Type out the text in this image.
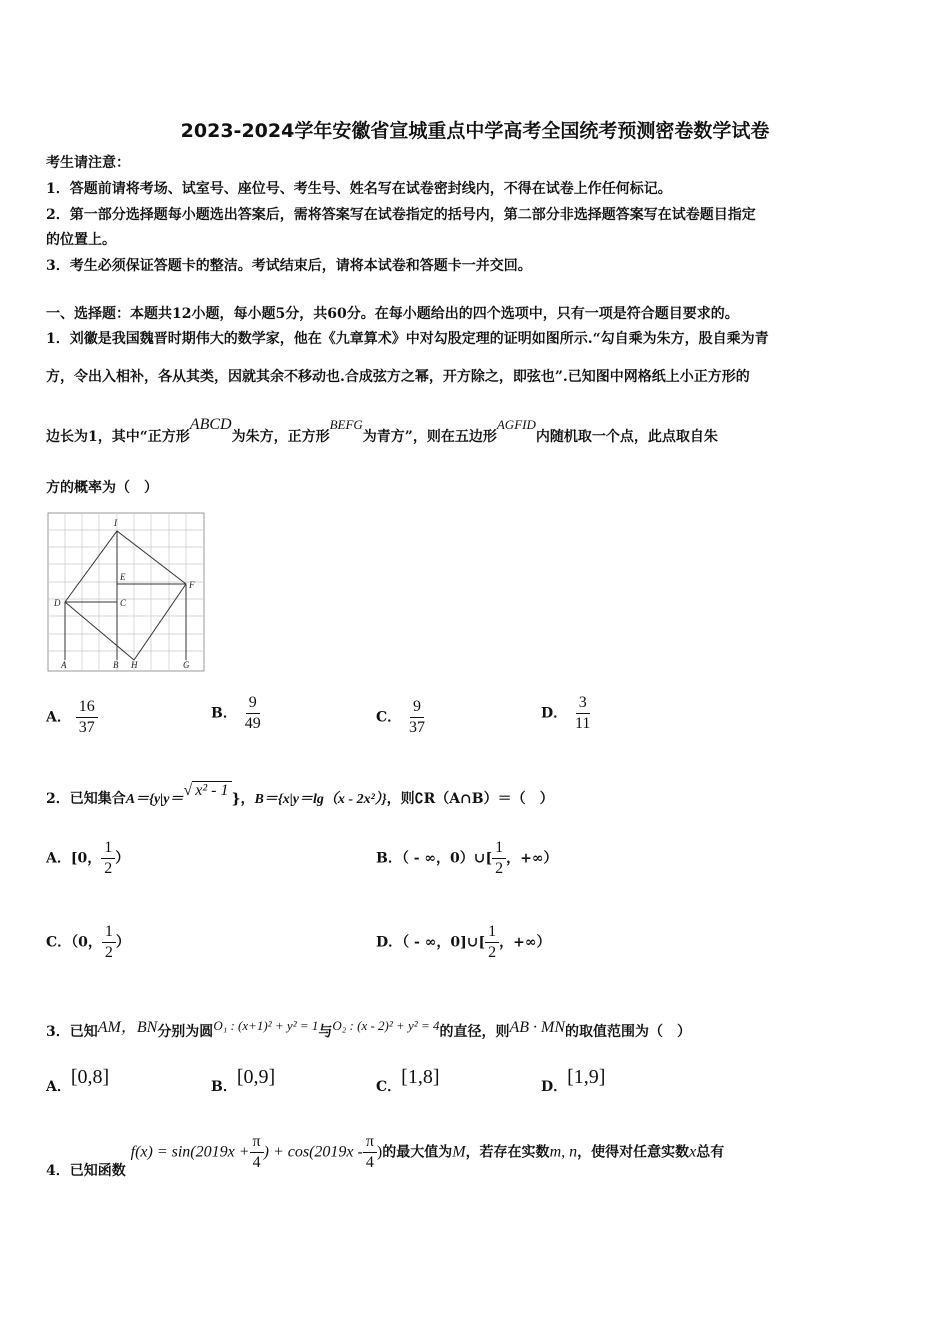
2023-2024学年安徽省宣城重点中学高考全国统考预测密卷数学试卷
考生请注意：
1．答题前请将考场、试室号、座位号、考生号、姓名写在试卷密封线内，不得在试卷上作任何标记。
2．第一部分选择题每小题选出答案后，需将答案写在试卷指定的括号内，第二部分非选择题答案写在试卷题目指定
的位置上。
3．考生必须保证答题卡的整洁。考试结束后，请将本试卷和答题卡一并交回。
一、选择题：本题共12小题，每小题5分，共60分。在每小题给出的四个选项中，只有一项是符合题目要求的。
1．刘徽是我国魏晋时期伟大的数学家，他在《九章算术》中对勾股定理的证明如图所示.“勾自乘为朱方，股自乘为青
方，令出入相补，各从其类，因就其余不移动也.合成弦方之幂，开方除之，即弦也”.已知图中网格纸上小正方形的
边长为1，其中“正方形ABCD为朱方，正方形BEFG为青方”，则在五边形AGFID内随机取一个点，此点取自朱
方的概率为（　）
I
E
F
D	C
A	B H	G
A． $\frac{16}{37}$	B． $\frac{9}{49}$	C． $\frac{9}{37}$	D． $\frac{3}{11}$
2．已知集合A＝{y|y＝√ x² - 1 }，B＝{x|y＝lg（x - 2x²）}，则∁R（A∩B）＝（　）
A．[0， $\frac{1}{2}$ ）	B．（ - ∞，0）∪[ $\frac{1}{2}$ ，+∞）
C．（0， $\frac{1}{2}$ ）	D．（ - ∞，0]∪[ $\frac{1}{2}$ ，+∞）
3．已知AM，BN分别为圆O₁ : (x+1)² + y² = 1与O₂ : (x - 2)² + y² = 4的直径，则AB · MN的取值范围为（　）
A．[0,8]	B．[0,9]	C．[1,8]	D．[1,9]
4．已知函数 $f(x) = \sin(2019x + \frac{\pi}{4}$ ) + $\cos(2019x - \frac{\pi}{4}$ )的最大值为M，若存在实数m, n，使得对任意实数x总有
